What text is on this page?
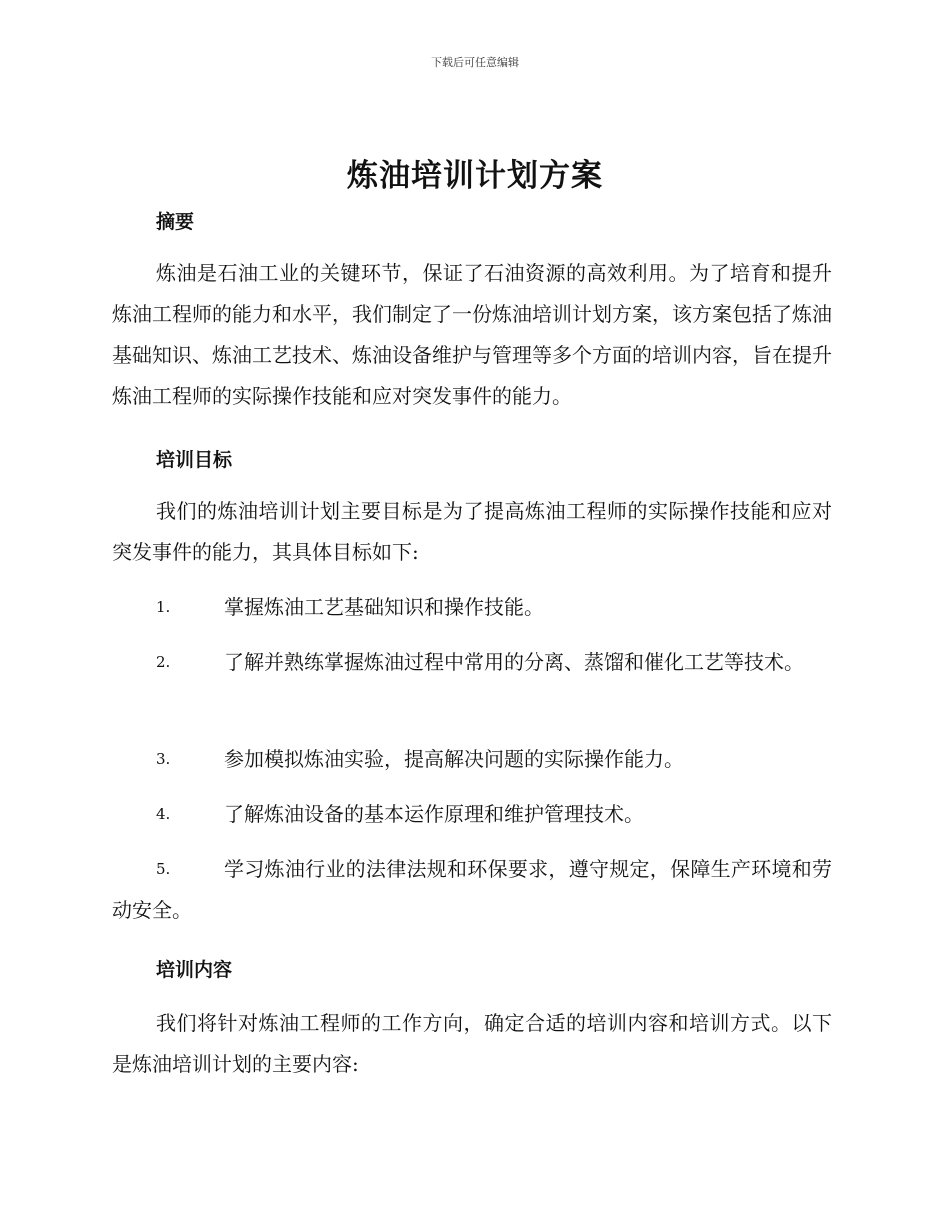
下载后可任意编辑
炼油培训计划方案
摘要

炼油是石油工业的关键环节，保证了石油资源的高效利用。为了培育和提升炼油工程师的能力和水平，我们制定了一份炼油培训计划方案，该方案包括了炼油基础知识、炼油工艺技术、炼油设备维护与管理等多个方面的培训内容，旨在提升炼油工程师的实际操作技能和应对突发事件的能力。

培训目标

我们的炼油培训计划主要目标是为了提高炼油工程师的实际操作技能和应对突发事件的能力，其具体目标如下:

1.	掌握炼油工艺基础知识和操作技能。
2.	了解并熟练掌握炼油过程中常用的分离、蒸馏和催化工艺等技术。
3.	参加模拟炼油实验，提高解决问题的实际操作能力。
4.	了解炼油设备的基本运作原理和维护管理技术。
5.	学习炼油行业的法律法规和环保要求，遵守规定，保障生产环境和劳动安全。
培训内容

我们将针对炼油工程师的工作方向，确定合适的培训内容和培训方式。以下是炼油培训计划的主要内容:
